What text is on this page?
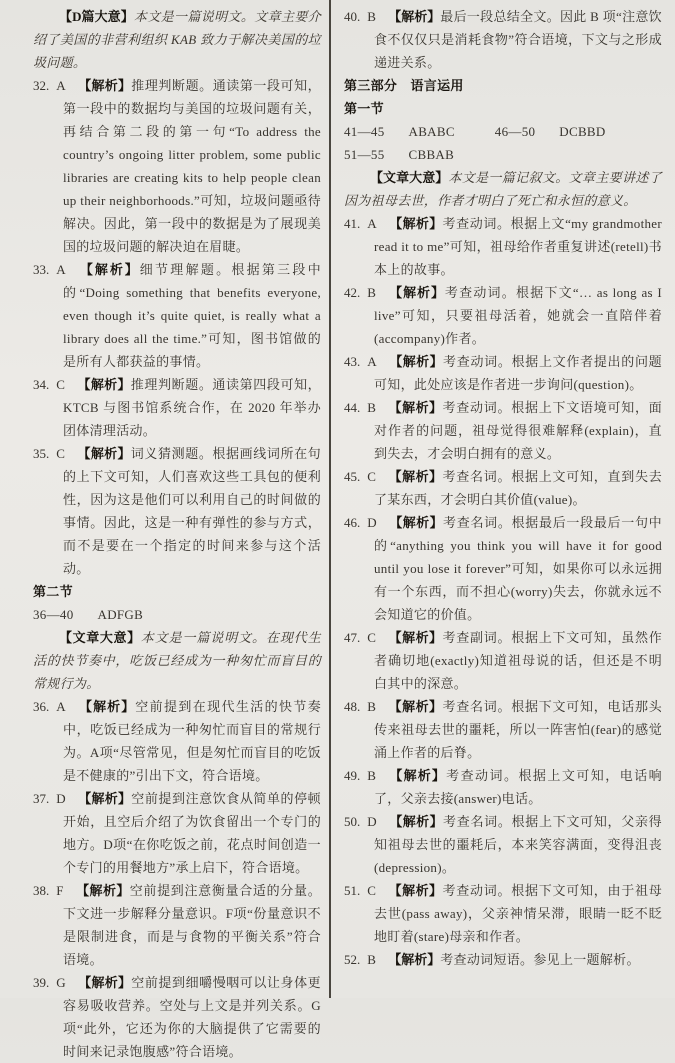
【D篇大意】本文是一篇说明文。文章主要介绍了美国的非营利组织 KAB 致力于解决美国的垃圾问题。

32. A 【解析】推理判断题。通读第一段可知，第一段中的数据均与美国的垃圾问题有关，再结合第二段的第一句“To address the country’s ongoing litter problem, some public libraries are creating kits to help people clean up their neighborhoods.”可知，垃圾问题亟待解决。因此，第一段中的数据是为了展现美国的垃圾问题的解决迫在眉睫。

33. A 【解析】细节理解题。根据第三段中的“Doing something that benefits everyone, even though it’s quite quiet, is really what a library does all the time.”可知，图书馆做的是所有人都获益的事情。

34. C 【解析】推理判断题。通读第四段可知，KTCB 与图书馆系统合作，在 2020 年举办团体清理活动。

35. C 【解析】词义猜测题。根据画线词所在句的上下文可知，人们喜欢这些工具包的便利性，因为这是他们可以利用自己的时间做的事情。因此，这是一种有弹性的参与方式，而不是要在一个指定的时间来参与这个活动。

第二节

36—40 ADFGB

【文章大意】本文是一篇说明文。在现代生活的快节奏中，吃饭已经成为一种匆忙而盲目的常规行为。

36. A 【解析】空前提到在现代生活的快节奏中，吃饭已经成为一种匆忙而盲目的常规行为。A项“尽管常见，但是匆忙而盲目的吃饭是不健康的”引出下文，符合语境。

37. D 【解析】空前提到注意饮食从简单的停顿开始，且空后介绍了为饮食留出一个专门的地方。D项“在你吃饭之前，花点时间创造一个专门的用餐地方”承上启下，符合语境。

38. F 【解析】空前提到注意衡量合适的分量。下文进一步解释分量意识。F项“份量意识不是限制进食，而是与食物的平衡关系”符合语境。

39. G 【解析】空前提到细嚼慢咽可以让身体更容易吸收营养。空处与上文是并列关系。G项“此外，它还为你的大脑提供了它需要的时间来记录饱腹感”符合语境。

40. B 【解析】最后一段总结全文。因此 B 项“注意饮食不仅仅只是消耗食物”符合语境，下文与之形成递进关系。

第三部分　语言运用

第一节

41—45 ABABC	46—50 DCBBD

51—55 CBBAB

【文章大意】本文是一篇记叙文。文章主要讲述了因为祖母去世，作者才明白了死亡和永恒的意义。

41. A 【解析】考查动词。根据上文“my grandmother read it to me”可知，祖母给作者重复讲述(retell)书本上的故事。

42. B 【解析】考查动词。根据下文“… as long as I live”可知，只要祖母活着，她就会一直陪伴着(accompany)作者。

43. A 【解析】考查动词。根据上文作者提出的问题可知，此处应该是作者进一步询问(question)。

44. B 【解析】考查动词。根据上下文语境可知，面对作者的问题，祖母觉得很难解释(explain)，直到失去，才会明白拥有的意义。

45. C 【解析】考查名词。根据上文可知，直到失去了某东西，才会明白其价值(value)。

46. D 【解析】考查名词。根据最后一段最后一句中的“anything you think you will have it for good until you lose it forever”可知，如果你可以永远拥有一个东西，而不担心(worry)失去，你就永远不会知道它的价值。

47. C 【解析】考查副词。根据上下文可知，虽然作者确切地(exactly)知道祖母说的话，但还是不明白其中的深意。

48. B 【解析】考查名词。根据下文可知，电话那头传来祖母去世的噩耗，所以一阵害怕(fear)的感觉涌上作者的后脊。

49. B 【解析】考查动词。根据上文可知，电话响了，父亲去接(answer)电话。

50. D 【解析】考查名词。根据上下文可知，父亲得知祖母去世的噩耗后，本来笑容满面，变得沮丧(depression)。

51. C 【解析】考查动词。根据下文可知，由于祖母去世(pass away)，父亲神情呆滞，眼睛一眨不眨地盯着(stare)母亲和作者。

52. B 【解析】考查动词短语。参见上一题解析。
